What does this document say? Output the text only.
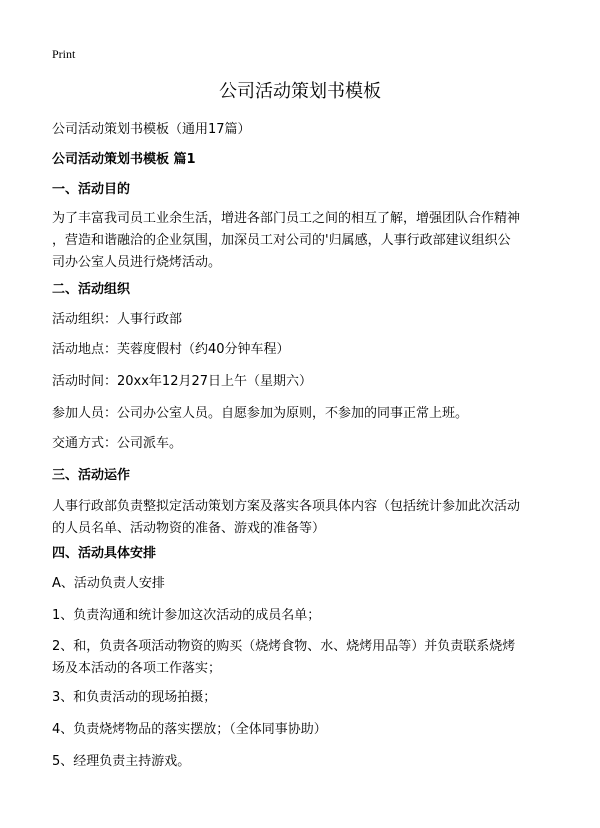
Print
公司活动策划书模板
公司活动策划书模板（通用17篇）
公司活动策划书模板 篇1
一、活动目的
为了丰富我司员工业余生活，增进各部门员工之间的相互了解，增强团队合作精神
，营造和谐融洽的企业氛围，加深员工对公司的'归属感，人事行政部建议组织公
司办公室人员进行烧烤活动。
二、活动组织
活动组织：人事行政部
活动地点：芙蓉度假村（约40分钟车程）
活动时间：20xx年12月27日上午（星期六）
参加人员：公司办公室人员。自愿参加为原则，不参加的同事正常上班。
交通方式：公司派车。
三、活动运作
人事行政部负责整拟定活动策划方案及落实各项具体内容（包括统计参加此次活动
的人员名单、活动物资的准备、游戏的准备等）
四、活动具体安排
A、活动负责人安排
1、负责沟通和统计参加这次活动的成员名单；
2、和，负责各项活动物资的购买（烧烤食物、水、烧烤用品等）并负责联系烧烤
场及本活动的各项工作落实；
3、和负责活动的现场拍摄；
4、负责烧烤物品的落实摆放；（全体同事协助）
5、经理负责主持游戏。
